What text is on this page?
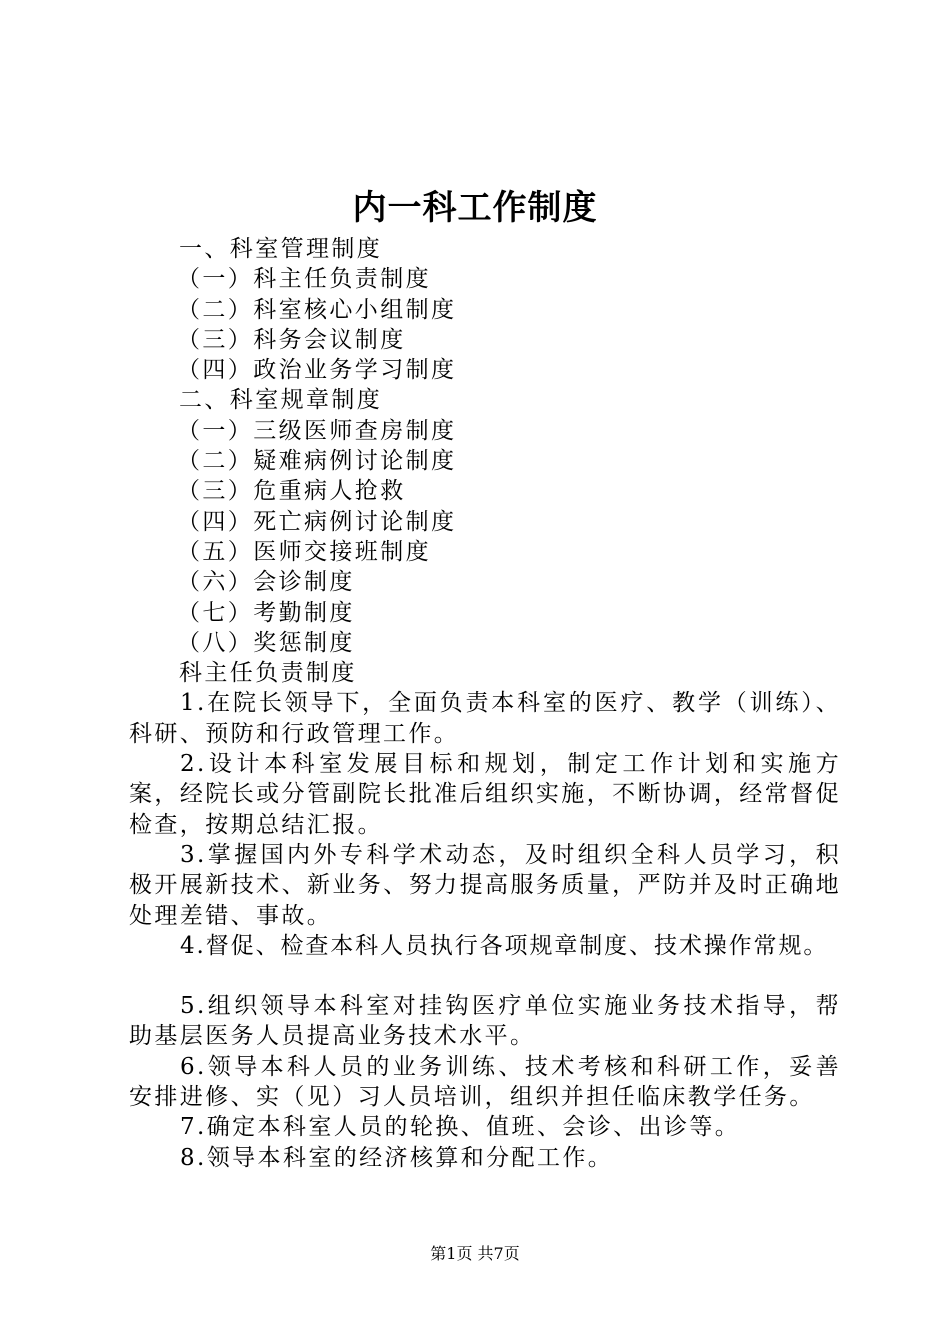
内一科工作制度
一、科室管理制度
（一）科主任负责制度
（二）科室核心小组制度
（三）科务会议制度
（四）政治业务学习制度
二、科室规章制度
（一）三级医师查房制度
（二）疑难病例讨论制度
（三）危重病人抢救
（四）死亡病例讨论制度
（五）医师交接班制度
（六）会诊制度
（七）考勤制度
（八）奖惩制度
科主任负责制度
1.在院长领导下，全面负责本科室的医疗、教学（训练）、科研、预防和行政管理工作。
2.设计本科室发展目标和规划，制定工作计划和实施方案，经院长或分管副院长批准后组织实施，不断协调，经常督促检查，按期总结汇报。
3.掌握国内外专科学术动态，及时组织全科人员学习，积极开展新技术、新业务、努力提高服务质量，严防并及时正确地处理差错、事故。
4.督促、检查本科人员执行各项规章制度、技术操作常规。
5.组织领导本科室对挂钩医疗单位实施业务技术指导，帮助基层医务人员提高业务技术水平。
6.领导本科人员的业务训练、技术考核和科研工作，妥善安排进修、实（见）习人员培训，组织并担任临床教学任务。
7.确定本科室人员的轮换、值班、会诊、出诊等。
8.领导本科室的经济核算和分配工作。
第1页 共7页
